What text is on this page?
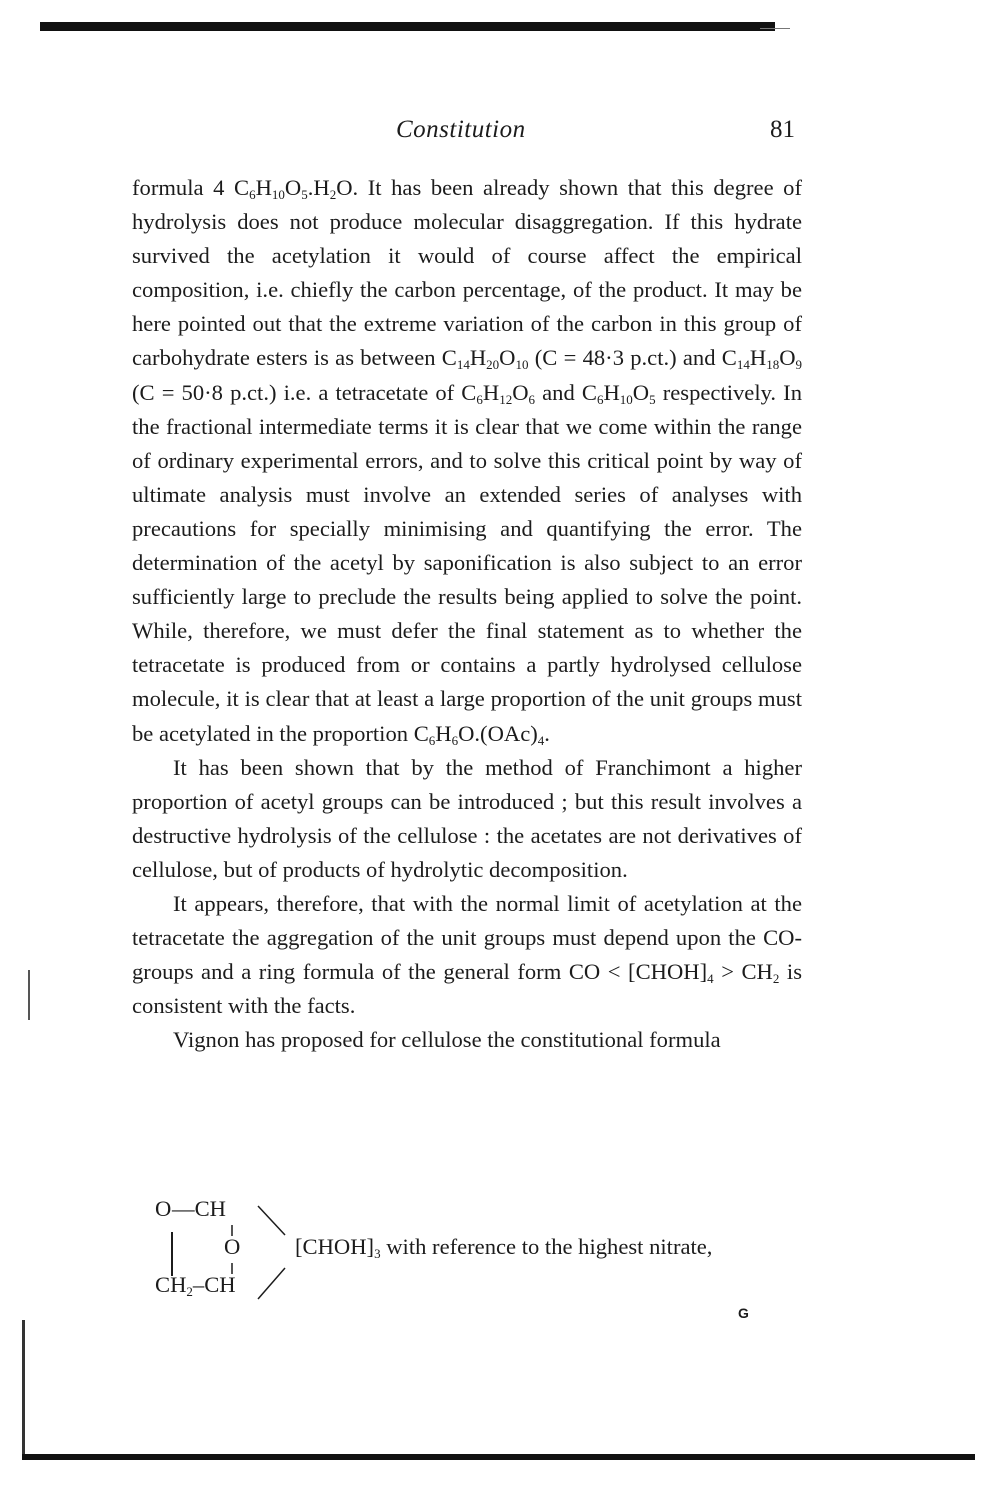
Constitution	81

formula 4 $C_6H_{10}O_5.H_2O$. It has been already shown that this degree of hydrolysis does not produce molecular disaggregation. If this hydrate survived the acetylation it would of course affect the empirical composition, i.e. chiefly the carbon percentage, of the product. It may be here pointed out that the extreme variation of the carbon in this group of carbohydrate esters is as between $C_{14}H_{20}O_{10}$ (C = 48·3 p.ct.) and $C_{14}H_{18}O_9$ (C = 50·8 p.ct.) i.e. a tetracetate of $C_6H_{12}O_6$ and $C_6H_{10}O_5$ respectively. In the fractional intermediate terms it is clear that we come within the range of ordinary experimental errors, and to solve this critical point by way of ultimate analysis must involve an extended series of analyses with precautions for specially minimising and quantifying the error. The determination of the acetyl by saponification is also subject to an error sufficiently large to preclude the results being applied to solve the point. While, therefore, we must defer the final statement as to whether the tetracetate is produced from or contains a partly hydrolysed cellulose molecule, it is clear that at least a large proportion of the unit groups must be acetylated in the proportion $C_6H_6O.(OAc)_4$.

It has been shown that by the method of Franchimont a higher proportion of acetyl groups can be introduced ; but this result involves a destructive hydrolysis of the cellulose : the acetates are not derivatives of cellulose, but of products of hydrolytic decomposition.

It appears, therefore, that with the normal limit of acetylation at the tetracetate the aggregation of the unit groups must depend upon the CO- groups and a ring formula of the general form CO < $[CHOH]_4 > CH_2$ is consistent with the facts.

Vignon has proposed for cellulose the constitutional formula

O —CH
O
$CH_2-CH$
$[CHOH]_3$ with reference to the highest nitrate,
G
